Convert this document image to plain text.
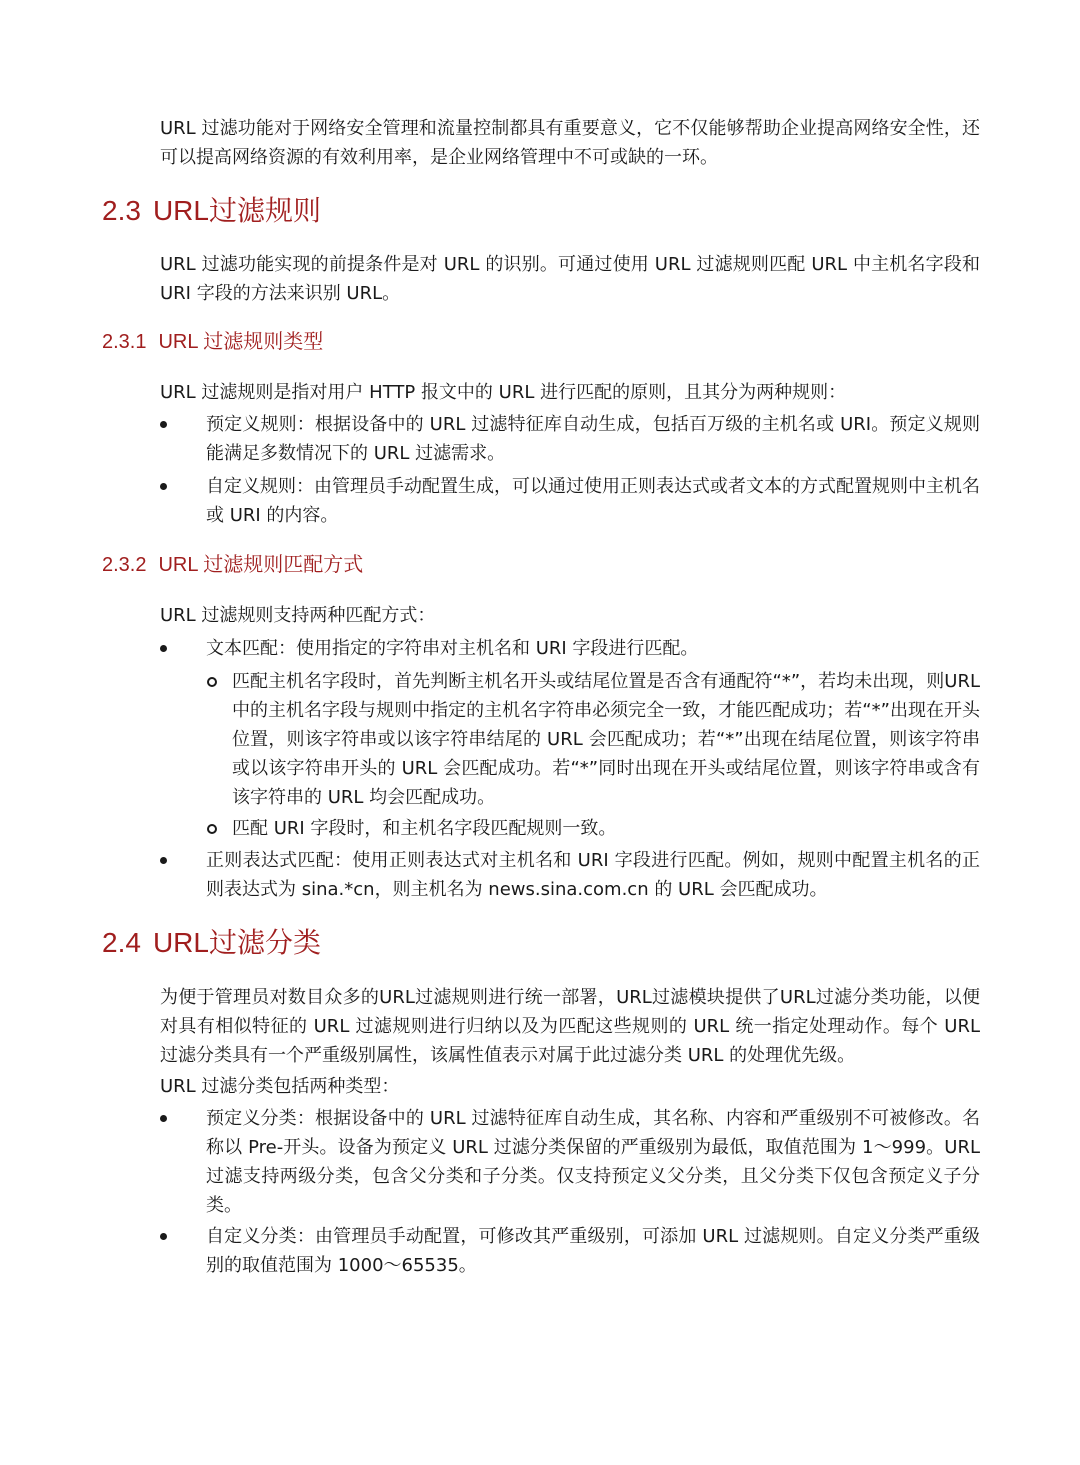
URL 过滤功能对于网络安全管理和流量控制都具有重要意义，它不仅能够帮助企业提高网络安全性，还可以提高网络资源的有效利用率，是企业网络管理中不可或缺的一环。
2.3 URL过滤规则
URL 过滤功能实现的前提条件是对 URL 的识别。可通过使用 URL 过滤规则匹配 URL 中主机名字段和 URI 字段的方法来识别 URL。
2.3.1 URL 过滤规则类型
URL 过滤规则是指对用户 HTTP 报文中的 URL 进行匹配的原则，且其分为两种规则：
预定义规则：根据设备中的 URL 过滤特征库自动生成，包括百万级的主机名或 URI。预定义规则能满足多数情况下的 URL 过滤需求。
自定义规则：由管理员手动配置生成，可以通过使用正则表达式或者文本的方式配置规则中主机名或 URI 的内容。
2.3.2 URL 过滤规则匹配方式
URL 过滤规则支持两种匹配方式：
文本匹配：使用指定的字符串对主机名和 URI 字段进行匹配。
匹配主机名字段时，首先判断主机名开头或结尾位置是否含有通配符“*”，若均未出现，则URL中的主机名字段与规则中指定的主机名字符串必须完全一致，才能匹配成功；若“*”出现在开头位置，则该字符串或以该字符串结尾的 URL 会匹配成功；若“*”出现在结尾位置，则该字符串或以该字符串开头的 URL 会匹配成功。若“*”同时出现在开头或结尾位置，则该字符串或含有该字符串的 URL 均会匹配成功。
匹配 URI 字段时，和主机名字段匹配规则一致。
正则表达式匹配：使用正则表达式对主机名和 URI 字段进行匹配。例如，规则中配置主机名的正则表达式为 sina.*cn，则主机名为 news.sina.com.cn 的 URL 会匹配成功。
2.4 URL过滤分类
为便于管理员对数目众多的URL过滤规则进行统一部署，URL过滤模块提供了URL过滤分类功能，以便对具有相似特征的 URL 过滤规则进行归纳以及为匹配这些规则的 URL 统一指定处理动作。每个 URL 过滤分类具有一个严重级别属性，该属性值表示对属于此过滤分类 URL 的处理优先级。
URL 过滤分类包括两种类型：
预定义分类：根据设备中的 URL 过滤特征库自动生成，其名称、内容和严重级别不可被修改。名称以 Pre-开头。设备为预定义 URL 过滤分类保留的严重级别为最低，取值范围为 1～999。URL 过滤支持两级分类，包含父分类和子分类。仅支持预定义父分类，且父分类下仅包含预定义子分类。
自定义分类：由管理员手动配置，可修改其严重级别，可添加 URL 过滤规则。自定义分类严重级别的取值范围为 1000～65535。
